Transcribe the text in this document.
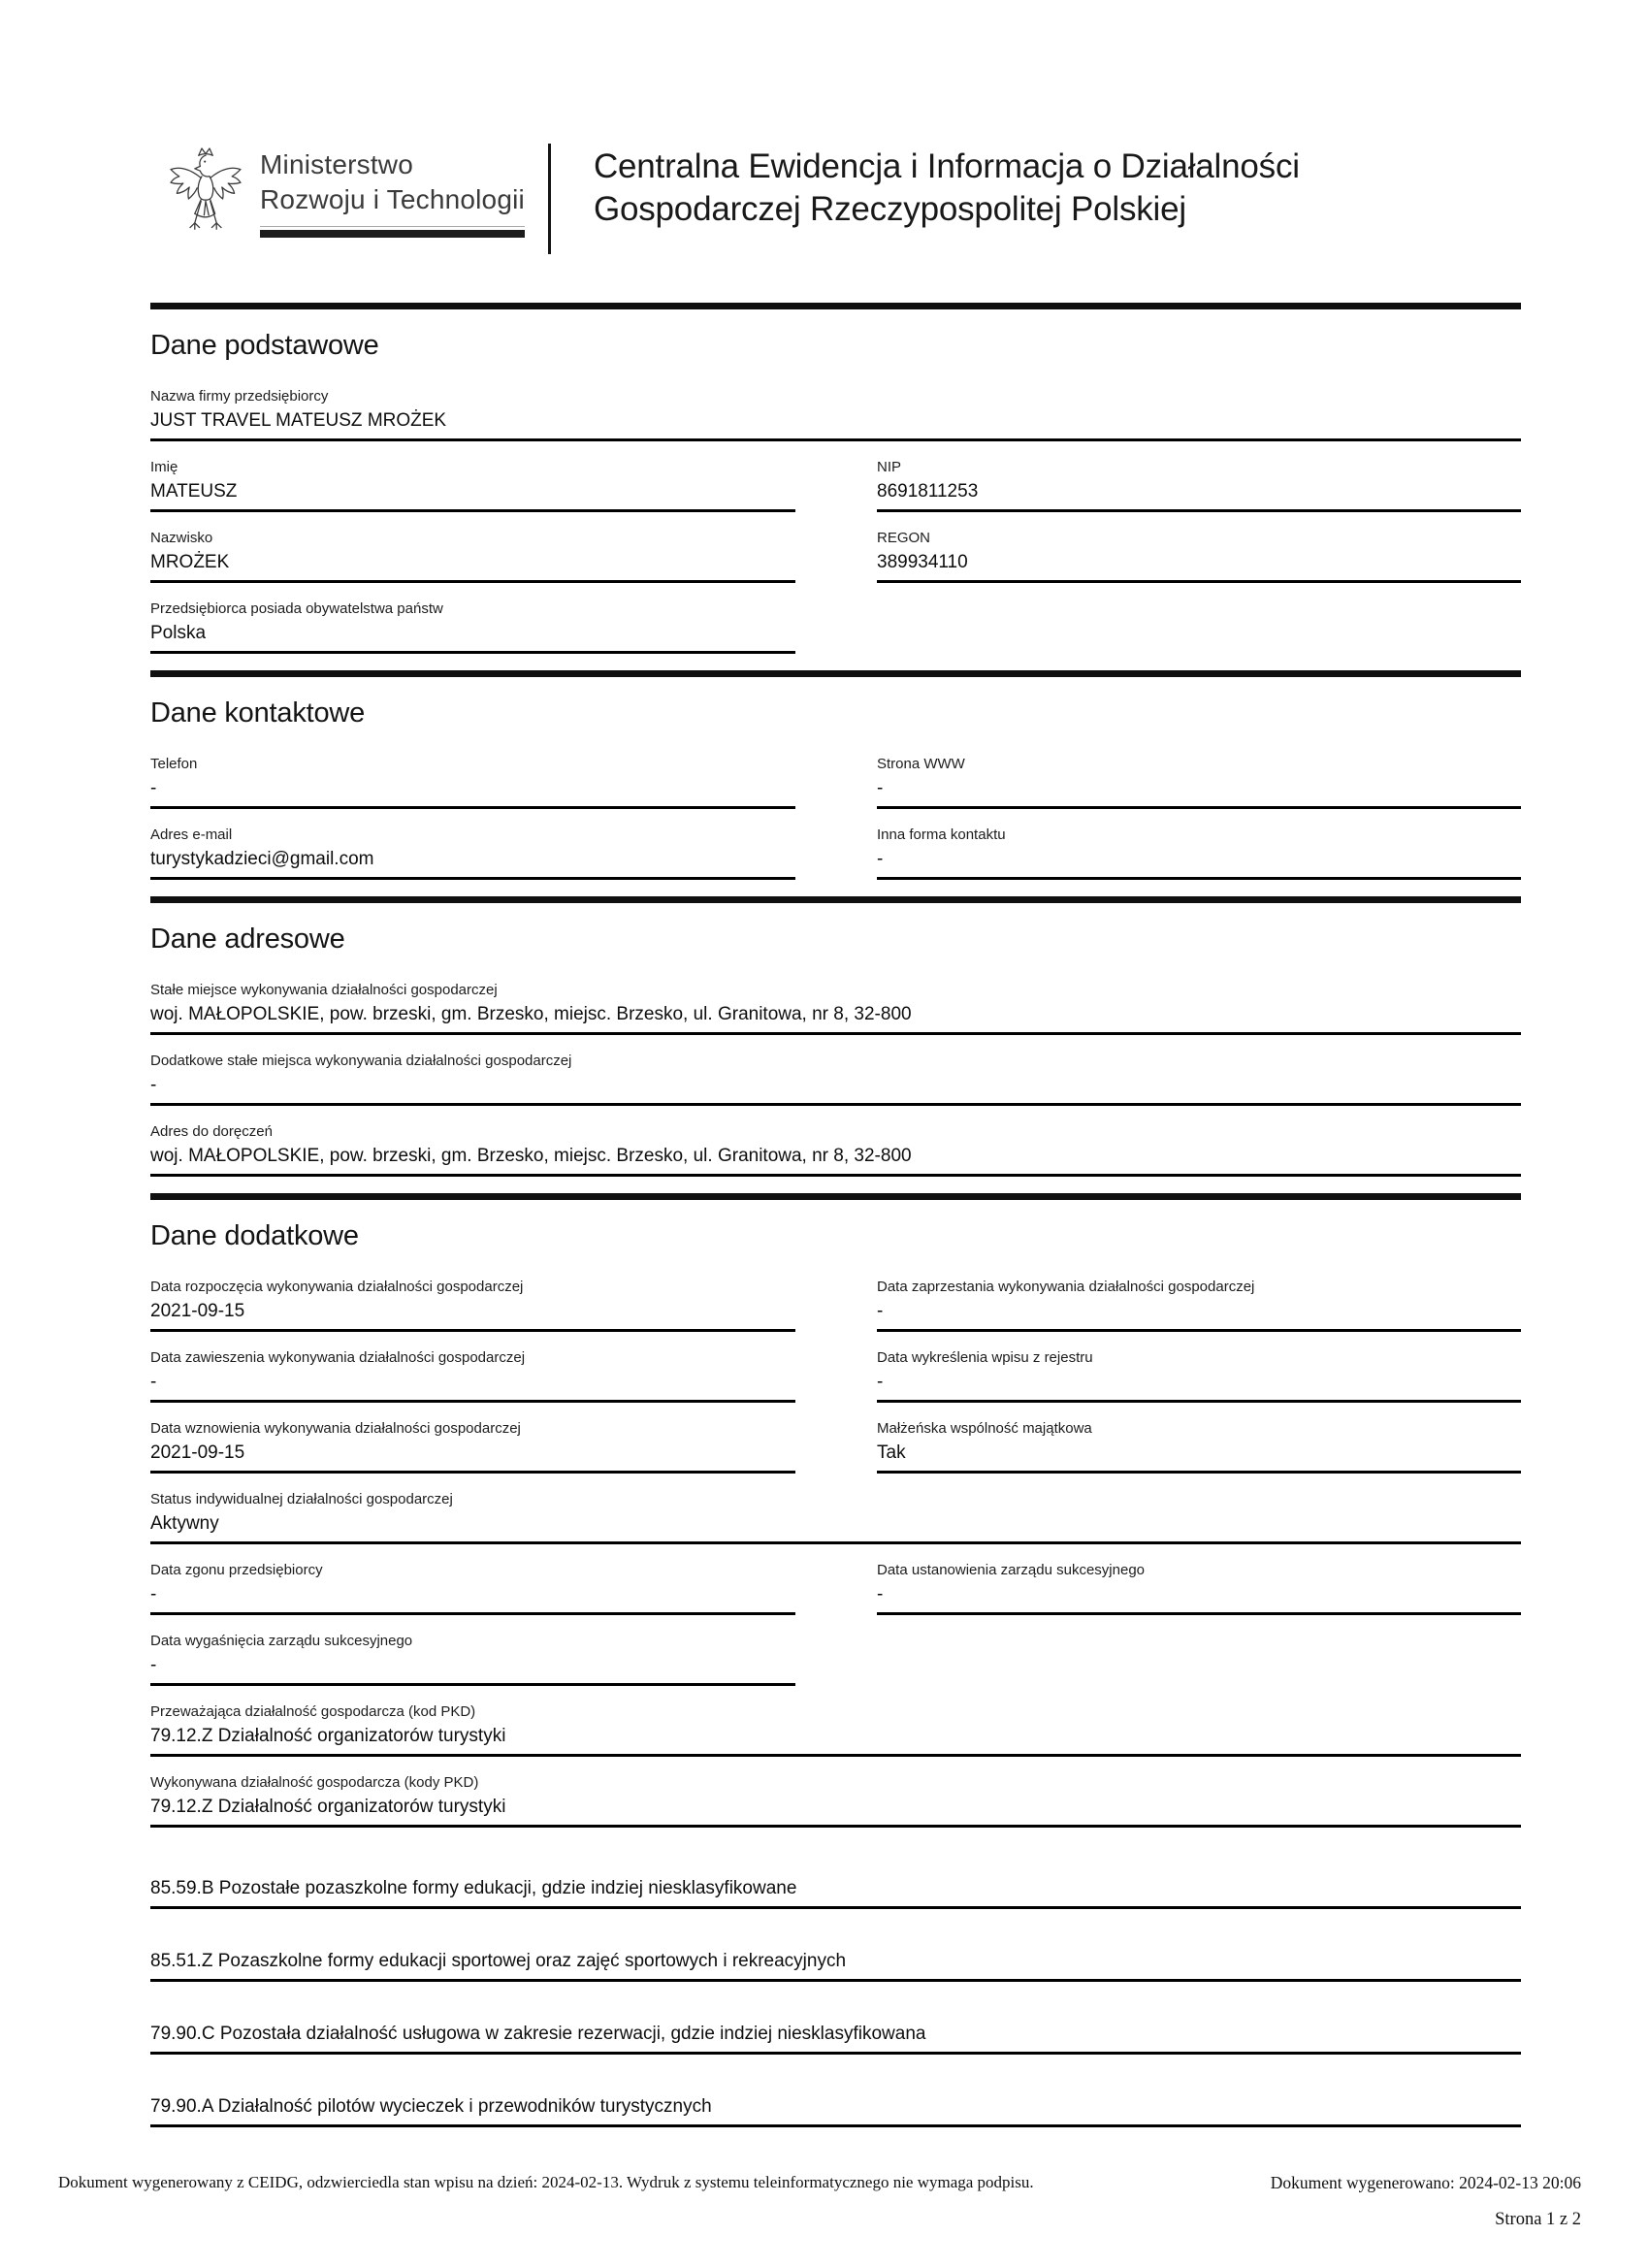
Ministerstwo
Rozwoju i Technologii
Centralna Ewidencja i Informacja o Działalności
Gospodarczej Rzeczypospolitej Polskiej
Dane podstawowe
Nazwa firmy przedsiębiorcy
JUST TRAVEL MATEUSZ MROŻEK
Imię
MATEUSZ
NIP
8691811253
Nazwisko
MROŻEK
REGON
389934110
Przedsiębiorca posiada obywatelstwa państw
Polska
Dane kontaktowe
Telefon
-
Strona WWW
-
Adres e-mail
turystykadzieci@gmail.com
Inna forma kontaktu
-
Dane adresowe
Stałe miejsce wykonywania działalności gospodarczej
woj. MAŁOPOLSKIE, pow. brzeski, gm. Brzesko, miejsc. Brzesko, ul. Granitowa, nr 8, 32-800
Dodatkowe stałe miejsca wykonywania działalności gospodarczej
-
Adres do doręczeń
woj. MAŁOPOLSKIE, pow. brzeski, gm. Brzesko, miejsc. Brzesko, ul. Granitowa, nr 8, 32-800
Dane dodatkowe
Data rozpoczęcia wykonywania działalności gospodarczej
2021-09-15
Data zaprzestania wykonywania działalności gospodarczej
-
Data zawieszenia wykonywania działalności gospodarczej
-
Data wykreślenia wpisu z rejestru
-
Data wznowienia wykonywania działalności gospodarczej
2021-09-15
Małżeńska wspólność majątkowa
Tak
Status indywidualnej działalności gospodarczej
Aktywny
Data zgonu przedsiębiorcy
-
Data ustanowienia zarządu sukcesyjnego
-
Data wygaśnięcia zarządu sukcesyjnego
-
Przeważająca działalność gospodarcza (kod PKD)
79.12.Z Działalność organizatorów turystyki
Wykonywana działalność gospodarcza (kody PKD)
79.12.Z Działalność organizatorów turystyki
85.59.B Pozostałe pozaszkolne formy edukacji, gdzie indziej niesklasyfikowane
85.51.Z Pozaszkolne formy edukacji sportowej oraz zajęć sportowych i rekreacyjnych
79.90.C Pozostała działalność usługowa w zakresie rezerwacji, gdzie indziej niesklasyfikowana
79.90.A Działalność pilotów wycieczek i przewodników turystycznych
Dokument wygenerowany z CEIDG, odzwierciedla stan wpisu na dzień: 2024-02-13. Wydruk z systemu teleinformatycznego nie wymaga podpisu.	Dokument wygenerowano: 2024-02-13 20:06
Strona 1 z 2
